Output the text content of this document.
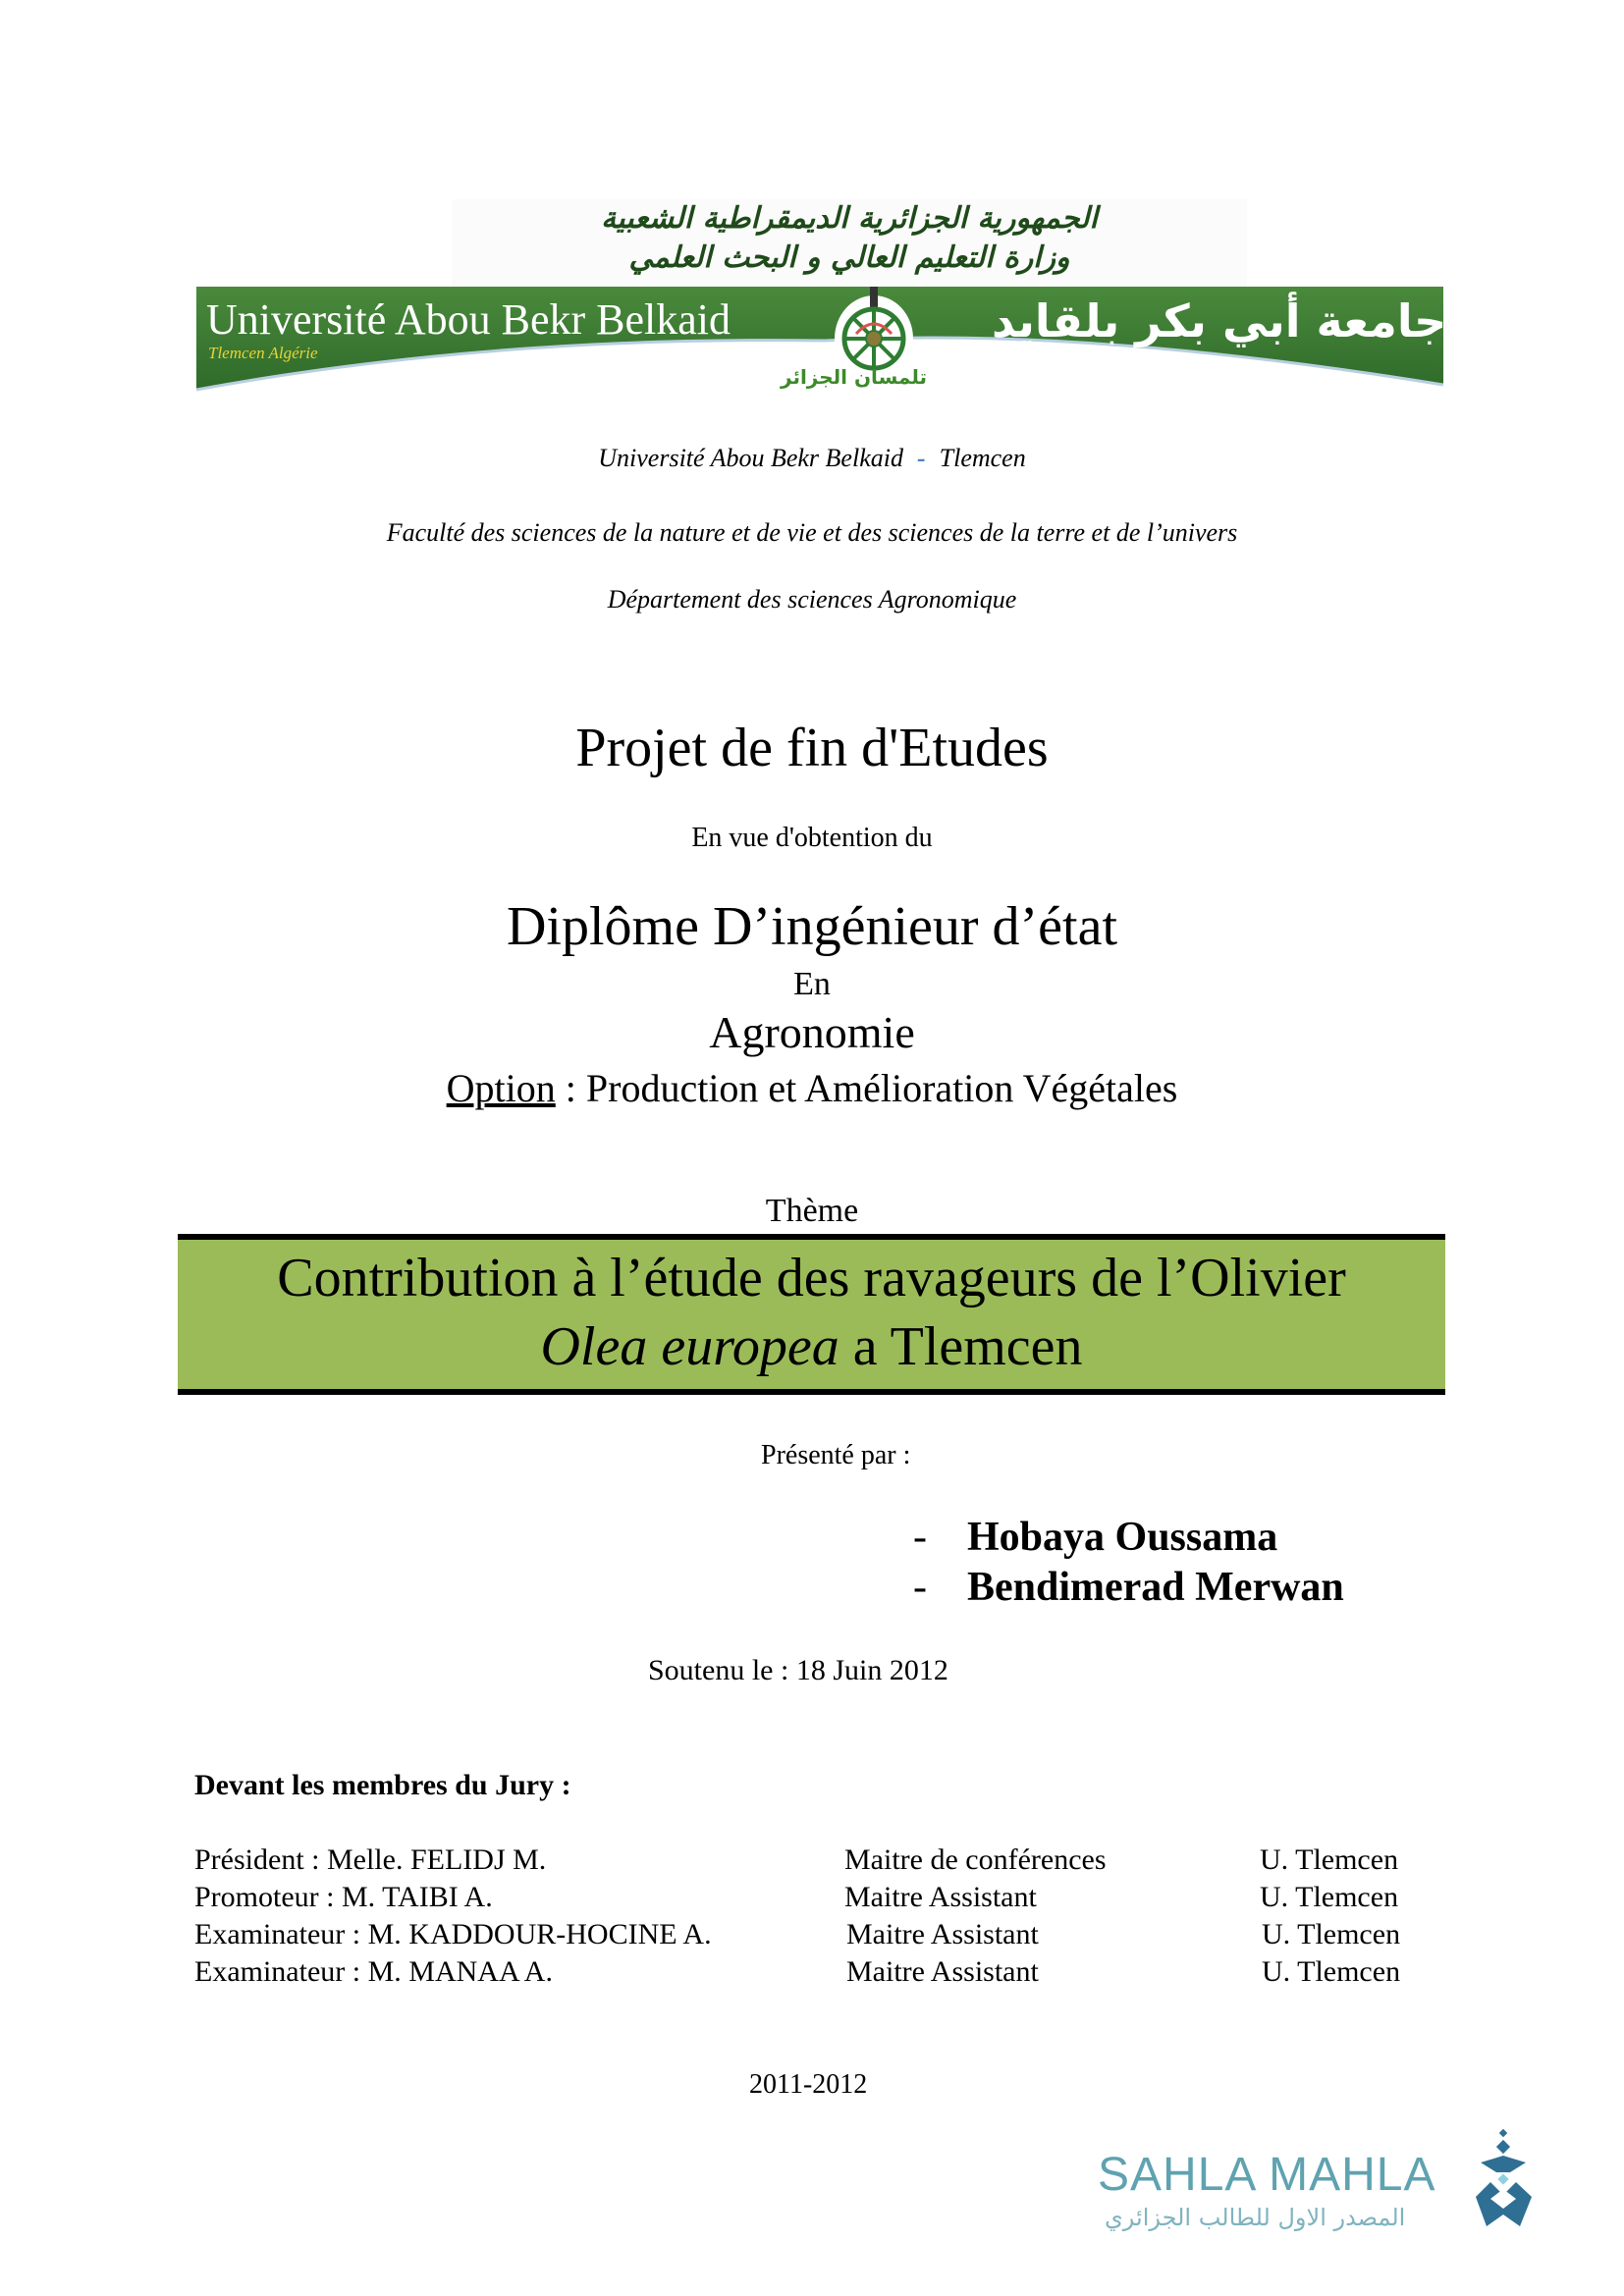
الجمهورية الجزائرية الديمقراطية الشعبية
وزارة التعليم العالي و البحث العلمي
Université Abou Bekr Belkaid
Tlemcen Algérie
جامعة أبي بكر بلقايد
تلمسان الجزائر
Université Abou Bekr Belkaid - Tlemcen
Faculté des sciences de la nature et de vie et des sciences de la terre et de l’univers
Département des sciences Agronomique
Projet de fin d'Etudes
En vue d'obtention du
Diplôme D’ingénieur d’état
En
Agronomie
Option : Production et Amélioration Végétales
Thème
Contribution à l’étude des ravageurs de l’Olivier
Olea europea a Tlemcen
Présenté par :
- Hobaya Oussama
- Bendimerad Merwan
Soutenu le : 18 Juin 2012
Devant les membres du Jury :
Président : Melle. FELIDJ M.	Maitre de conférences	U. Tlemcen
Promoteur : M. TAIBI A.	Maitre Assistant	U. Tlemcen
Examinateur : M. KADDOUR-HOCINE A.	Maitre Assistant	U. Tlemcen
Examinateur : M. MANAA A.	Maitre Assistant	U. Tlemcen
2011-2012
SAHLA MAHLA
المصدر الاول للطالب الجزائري
